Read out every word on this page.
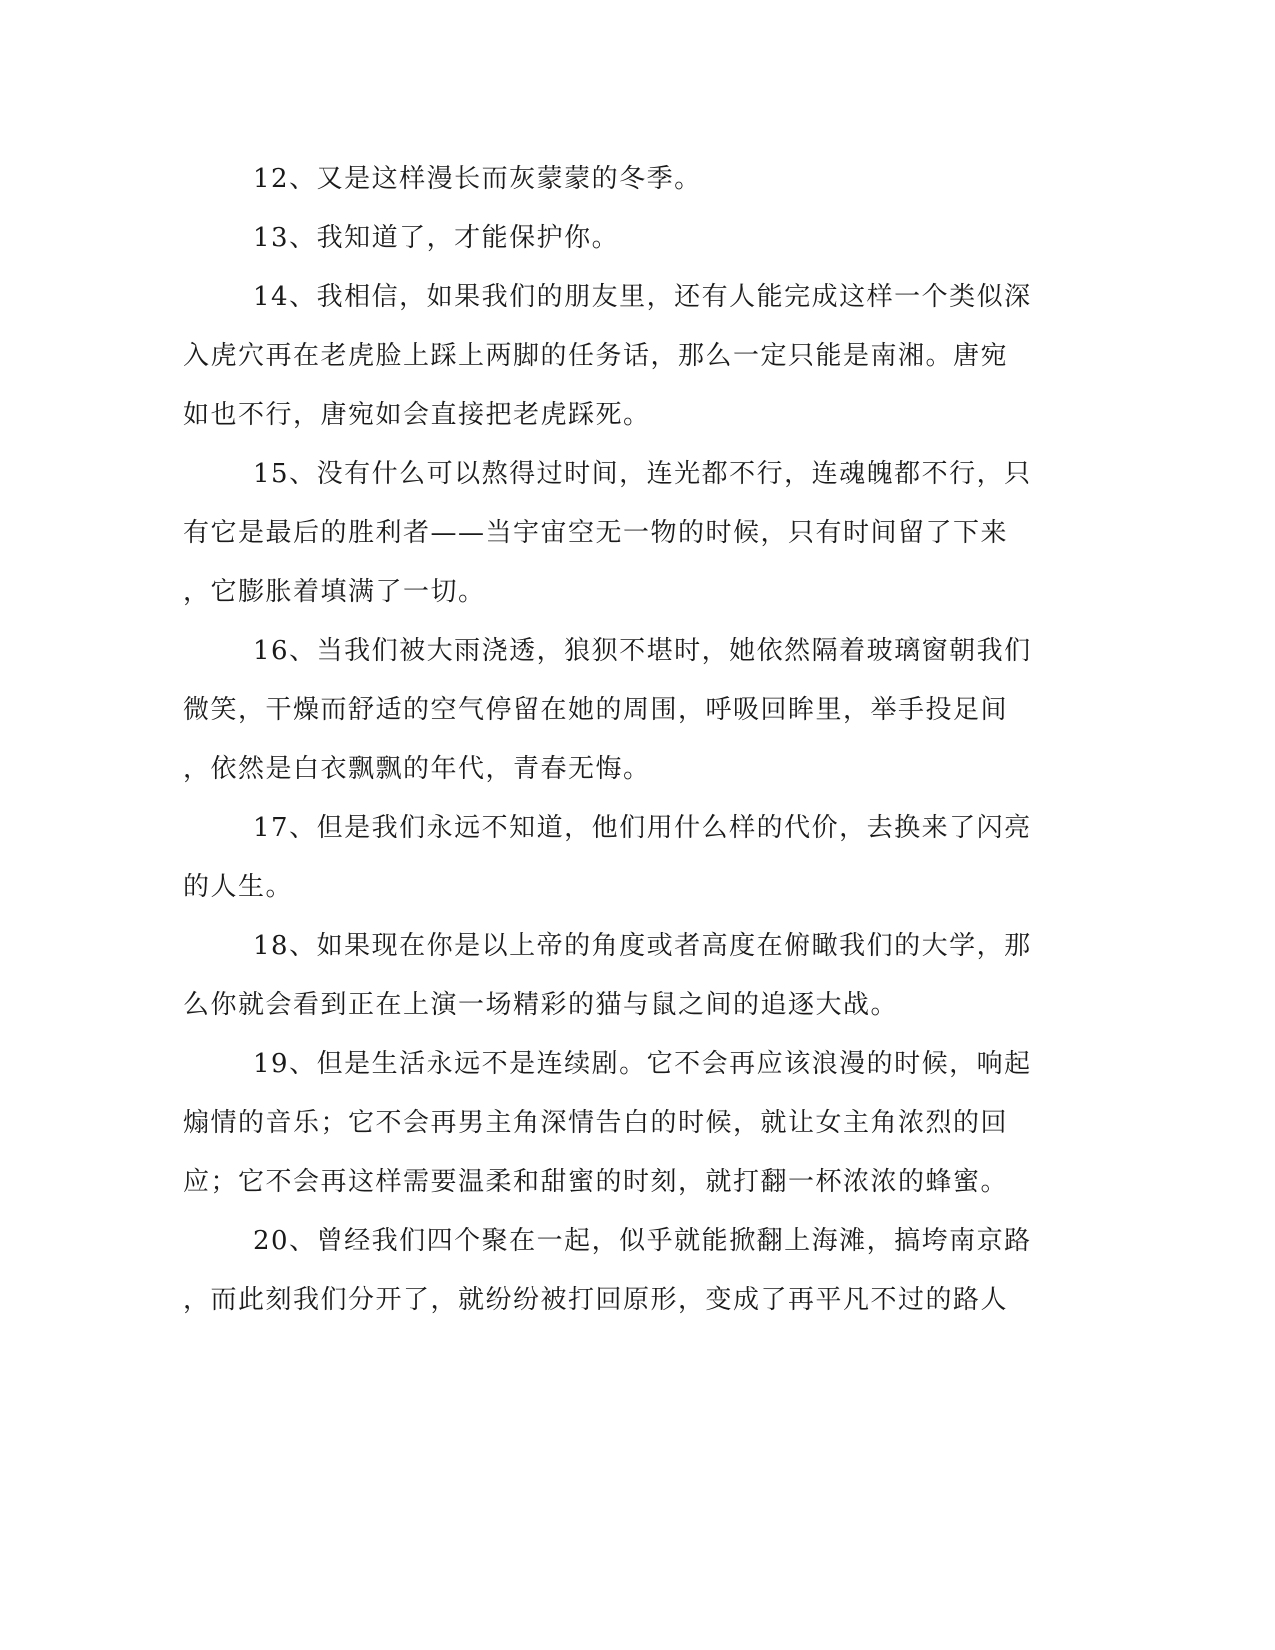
12、又是这样漫长而灰蒙蒙的冬季。
13、我知道了，才能保护你。
14、我相信，如果我们的朋友里，还有人能完成这样一个类似深
入虎穴再在老虎脸上踩上两脚的任务话，那么一定只能是南湘。唐宛
如也不行，唐宛如会直接把老虎踩死。
15、没有什么可以熬得过时间，连光都不行，连魂魄都不行，只
有它是最后的胜利者——当宇宙空无一物的时候，只有时间留了下来
，它膨胀着填满了一切。
16、当我们被大雨浇透，狼狈不堪时，她依然隔着玻璃窗朝我们
微笑，干燥而舒适的空气停留在她的周围，呼吸回眸里，举手投足间
，依然是白衣飘飘的年代，青春无悔。
17、但是我们永远不知道，他们用什么样的代价，去换来了闪亮
的人生。
18、如果现在你是以上帝的角度或者高度在俯瞰我们的大学，那
么你就会看到正在上演一场精彩的猫与鼠之间的追逐大战。
19、但是生活永远不是连续剧。它不会再应该浪漫的时候，响起
煽情的音乐；它不会再男主角深情告白的时候，就让女主角浓烈的回
应；它不会再这样需要温柔和甜蜜的时刻，就打翻一杯浓浓的蜂蜜。
20、曾经我们四个聚在一起，似乎就能掀翻上海滩，搞垮南京路
，而此刻我们分开了，就纷纷被打回原形，变成了再平凡不过的路人
